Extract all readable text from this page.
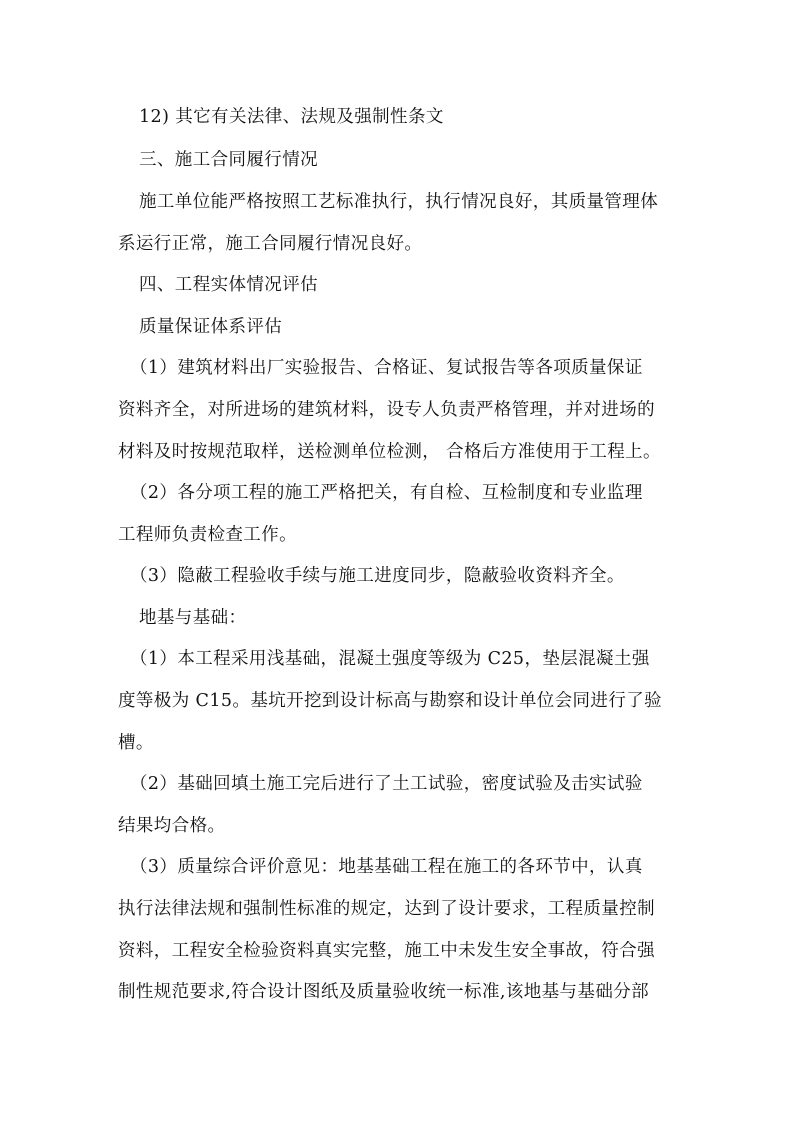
12) 其它有关法律、法规及强制性条文
三、施工合同履行情况
施工单位能严格按照工艺标准执行，执行情况良好，其质量管理体
系运行正常，施工合同履行情况良好。
四、工程实体情况评估
质量保证体系评估
（1）建筑材料出厂实验报告、合格证、复试报告等各项质量保证
资料齐全，对所进场的建筑材料，设专人负责严格管理，并对进场的
材料及时按规范取样，送检测单位检测， 合格后方准使用于工程上。
（2）各分项工程的施工严格把关，有自检、互检制度和专业监理
工程师负责检查工作。
（3）隐蔽工程验收手续与施工进度同步，隐蔽验收资料齐全。
地基与基础：
（1）本工程采用浅基础，混凝土强度等级为 C25，垫层混凝土强
度等极为 C15。基坑开挖到设计标高与勘察和设计单位会同进行了验
槽。
（2）基础回填土施工完后进行了土工试验，密度试验及击实试验
结果均合格。
（3）质量综合评价意见：地基基础工程在施工的各环节中，认真
执行法律法规和强制性标准的规定，达到了设计要求，工程质量控制
资料，工程安全检验资料真实完整，施工中未发生安全事故，符合强
制性规范要求,符合设计图纸及质量验收统一标准,该地基与基础分部
